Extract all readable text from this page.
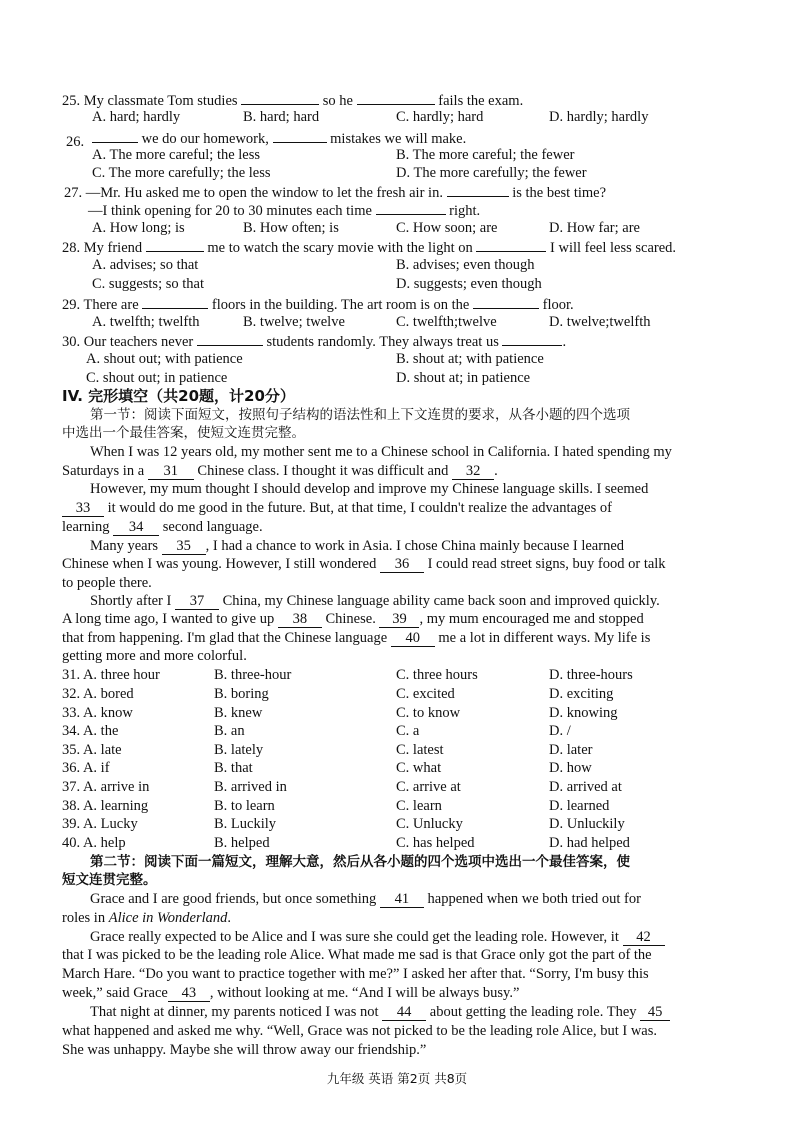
25. My classmate Tom studies	so he	fails the exam.
A. hard; hardly	B. hard; hard	C. hardly; hard	D. hardly; hardly
26.	we do our homework,	mistakes we will make.
A. The more careful; the less	B. The more careful; the fewer
C. The more carefully; the less	D. The more carefully; the fewer
27. —Mr. Hu asked me to open the window to let the fresh air in.	is the best time?
—I think opening for 20 to 30 minutes each time	right.
A. How long; is	B. How often; is	C. How soon; are	D. How far; are
28. My friend	me to watch the scary movie with the light on	I will feel less scared.
A. advises; so that	B. advises; even though
C. suggests; so that	D. suggests; even though
29. There are	floors in the building. The art room is on the	floor.
A. twelfth; twelfth	B. twelve; twelve	C. twelfth;twelve	D. twelve;twelfth
30. Our teachers never	students randomly. They always treat us	.
A. shout out; with patience	B. shout at; with patience
C. shout out; in patience	D. shout at; in patience
IV. 完形填空（共20题，计20分）
第一节：阅读下面短文，按照句子结构的语法性和上下文连贯的要求，从各小题的四个选项
中选出一个最佳答案，使短文连贯完整。
When I was 12 years old, my mother sent me to a Chinese school in California. I hated spending my
Saturdays in a 31 Chinese class. I thought it was difficult and 32 .
However, my mum thought I should develop and improve my Chinese language skills. I seemed
33 it would do me good in the future. But, at that time, I couldn't realize the advantages of
learning 34 second language.
Many years 35 , I had a chance to work in Asia. I chose China mainly because I learned
Chinese when I was young. However, I still wondered 36 I could read street signs, buy food or talk
to people there.
Shortly after I 37 China, my Chinese language ability came back soon and improved quickly.
A long time ago, I wanted to give up 38 Chinese. 39 , my mum encouraged me and stopped
that from happening. I'm glad that the Chinese language 40 me a lot in different ways. My life is
getting more and more colorful.
31. A. three hour	B. three-hour	C. three hours	D. three-hours
32. A. bored	B. boring	C. excited	D. exciting
33. A. know	B. knew	C. to know	D. knowing
34. A. the	B. an	C. a	D. /
35. A. late	B. lately	C. latest	D. later
36. A. if	B. that	C. what	D. how
37. A. arrive in	B. arrived in	C. arrive at	D. arrived at
38. A. learning	B. to learn	C. learn	D. learned
39. A. Lucky	B. Luckily	C. Unlucky	D. Unluckily
40. A. help	B. helped	C. has helped	D. had helped
第二节：阅读下面一篇短文，理解大意，然后从各小题的四个选项中选出一个最佳答案，使
短文连贯完整。
Grace and I are good friends, but once something 41 happened when we both tried out for
roles in Alice in Wonderland.
Grace really expected to be Alice and I was sure she could get the leading role. However, it 42
that I was picked to be the leading role Alice. What made me sad is that Grace only got the part of the
March Hare. “Do you want to practice together with me?” I asked her after that. “Sorry, I'm busy this
week,” said Grace 43 , without looking at me. “And I will be always busy.”
That night at dinner, my parents noticed I was not 44 about getting the leading role. They 45
what happened and asked me why. “Well, Grace was not picked to be the leading role Alice, but I was.
She was unhappy. Maybe she will throw away our friendship.”
九年级 英语 第2页 共8页
